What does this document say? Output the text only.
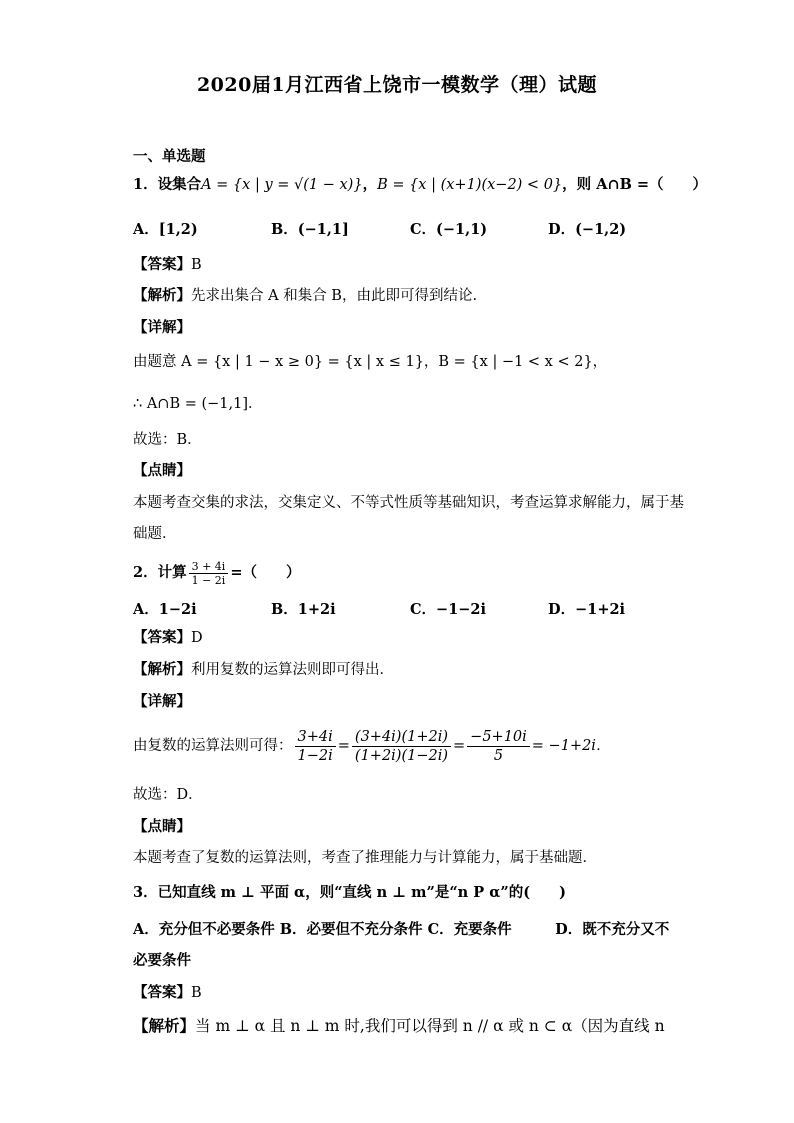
2020届1月江西省上饶市一模数学（理）试题
一、单选题
1．设集合A = {x | y = √(1 − x)}，B = {x | (x+1)(x−2) < 0}，则 A∩B =（　　）
A．[1,2)	B．(−1,1]	C．(−1,1)	D．(−1,2)
【答案】B
【解析】先求出集合 A 和集合 B，由此即可得到结论.
【详解】
由题意 A = {x | 1 − x ≥ 0} = {x | x ≤ 1}，B = {x | −1 < x < 2}，
∴ A∩B = (−1,1]．
故选：B．
【点睛】
本题考查交集的求法，交集定义、不等式性质等基础知识，考查运算求解能力，属于基
础题．
2．计算 $\frac{3 + 4i}{1 - 2i}$ =（　　）
A．1−2i	B．1+2i	C．−1−2i	D．−1+2i
【答案】D
【解析】利用复数的运算法则即可得出．
【详解】
由复数的运算法则可得： $\frac{3+4i}{1-2i} = \frac{(3+4i)(1+2i)}{(1+2i)(1-2i)} = \frac{-5+10i}{5} = -1+2i$．
故选：D．
【点睛】
本题考查了复数的运算法则，考查了推理能力与计算能力，属于基础题．
3．已知直线 m ⊥ 平面 α，则“直线 n ⊥ m”是“n P α”的(　　)
A．充分但不必要条件 B．必要但不充分条件 C．充要条件　　　D．既不充分又不
必要条件
【答案】B
【解析】当 m ⊥ α 且 n ⊥ m 时,我们可以得到 n // α 或 n ⊂ α（因为直线 n
